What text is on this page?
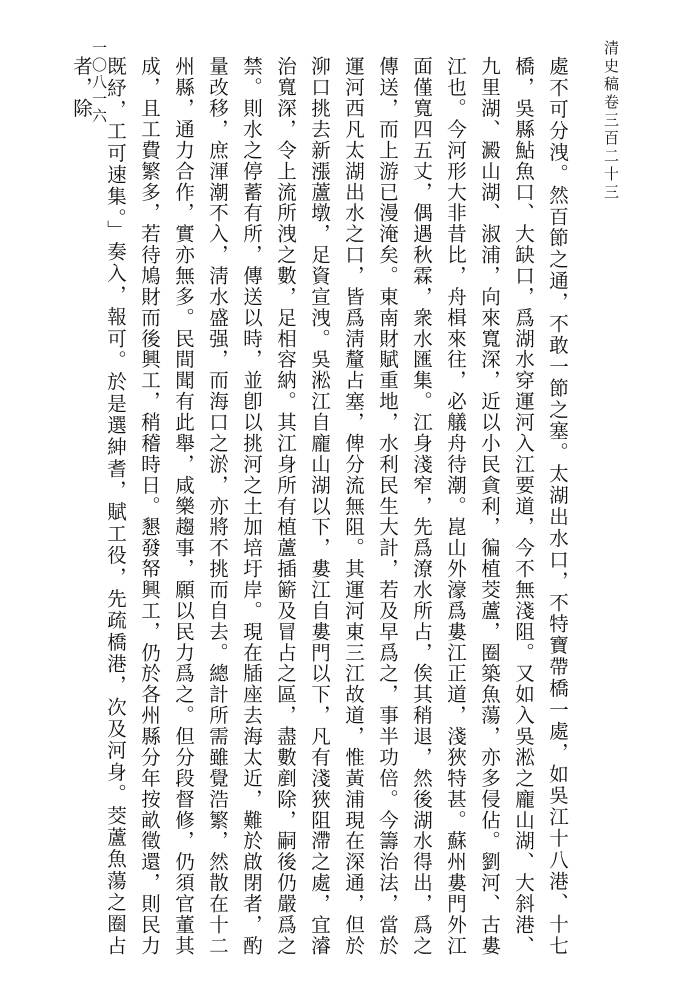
清史稿卷三百二十三
一〇八一六	處不可分洩。然百節之通，不敢一節之塞。太湖出水口，不特寶帶橋一處，如吳江十八港、十七橋，吳縣鮎魚口、大缺口，爲湖水穿運河入江要道，今不無淺阻。又如入吳淞之龐山湖、大斜港、九里湖、澱山湖、淑浦，向來寬深，近以小民貪利，徧植茭蘆，圈築魚蕩，亦多侵佔。劉河、古婁江也。今河形大非昔比，舟楫來往，必艤舟待潮。崑山外濠爲婁江正道，淺狹特甚。蘇州婁門外江面僅寬四五丈，偶遇秋霖，衆水匯集。江身淺窄，先爲潦水所占，俟其稍退，然後湖水得出，爲之傳送，而上游已漫淹矣。東南財賦重地，水利民生大計，若及早爲之，事半功倍。今籌治法，當於運河西凡太湖出水之口，皆爲淸釐占塞，俾分流無阻。其運河東三江故道，惟黃浦現在深通，但於泖口挑去新漲蘆墩，足資宣洩。吳淞江自龐山湖以下，婁江自婁門以下，凡有淺狹阻滯之處，宜濬治寬深，令上流所洩之數，足相容納。其江身所有植蘆插簖及冒占之區，盡數剷除，嗣後仍嚴爲之禁。則水之停蓄有所，傳送以時，並卽以挑河之土加培圩岸。現在牐座去海太近，難於啟閉者，酌量改移，庶渾潮不入，淸水盛强，而海口之淤，亦將不挑而自去。總計所需雖覺浩繁，然散在十二州縣，通力合作，實亦無多。民間聞有此舉，咸樂趨事，願以民力爲之。但分段督修，仍須官董其成，且工費繁多，若待鳩財而後興工，稍稽時日。懇發帑興工，仍於各州縣分年按畝徵還，則民力既紓，工可速集。」奏入，報可。於是選紳耆，賦工役，先疏橋港，次及河身。茭蘆魚蕩之圈占者，除
